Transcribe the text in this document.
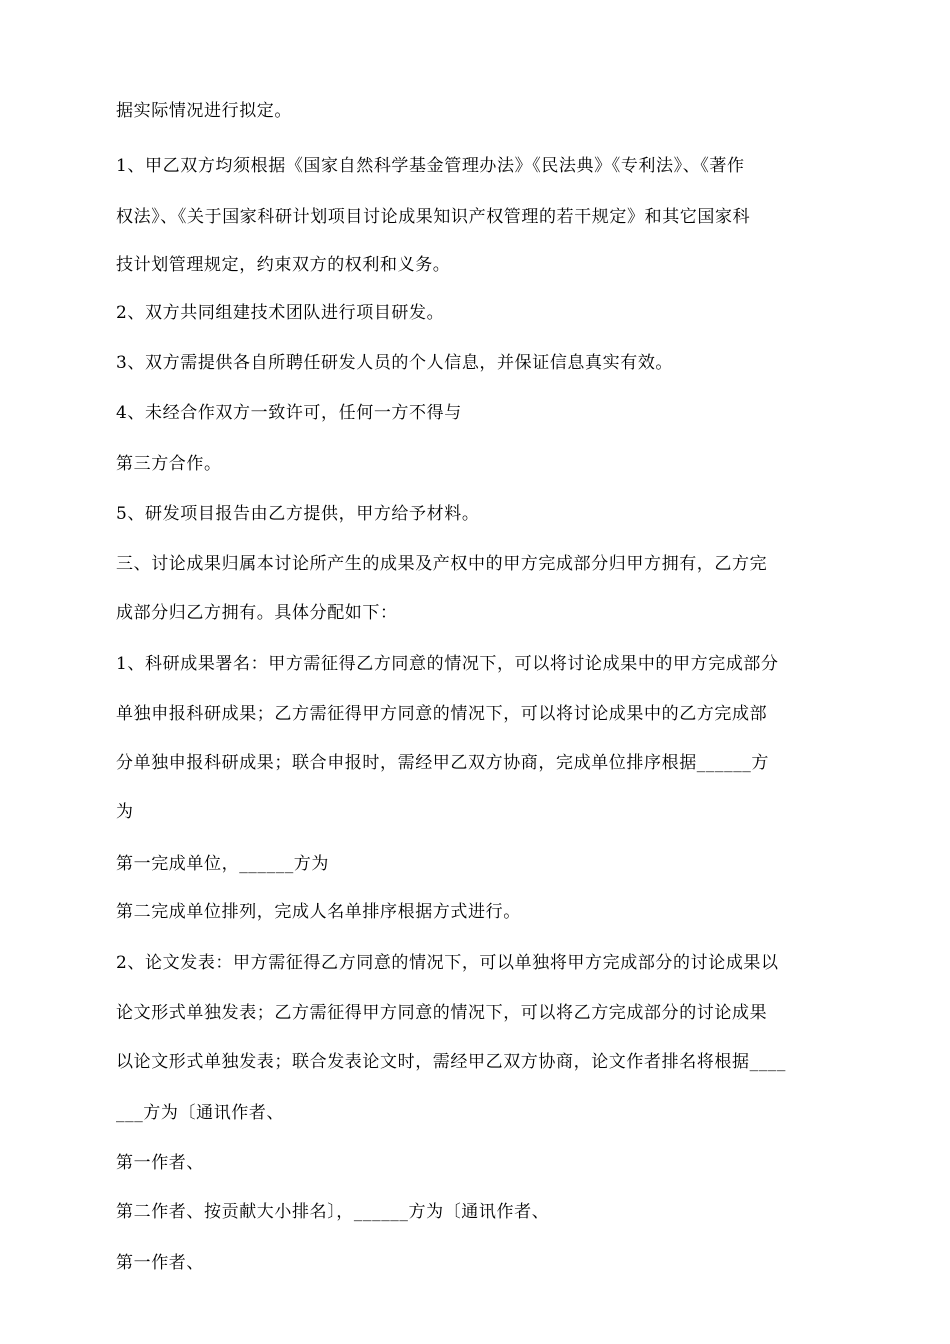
据实际情况进行拟定。
1、甲乙双方均须根据《国家自然科学基金管理办法》《民法典》《专利法》、《著作
权法》、《关于国家科研计划项目讨论成果知识产权管理的若干规定》和其它国家科
技计划管理规定，约束双方的权利和义务。
2、双方共同组建技术团队进行项目研发。
3、双方需提供各自所聘任研发人员的个人信息，并保证信息真实有效。
4、未经合作双方一致许可，任何一方不得与
第三方合作。
5、研发项目报告由乙方提供，甲方给予材料。
三、讨论成果归属本讨论所产生的成果及产权中的甲方完成部分归甲方拥有，乙方完
成部分归乙方拥有。具体分配如下：
1、科研成果署名：甲方需征得乙方同意的情况下，可以将讨论成果中的甲方完成部分
单独申报科研成果；乙方需征得甲方同意的情况下，可以将讨论成果中的乙方完成部
分单独申报科研成果；联合申报时，需经甲乙双方协商，完成单位排序根据______方
为
第一完成单位，______方为
第二完成单位排列，完成人名单排序根据方式进行。
2、论文发表：甲方需征得乙方同意的情况下，可以单独将甲方完成部分的讨论成果以
论文形式单独发表；乙方需征得甲方同意的情况下，可以将乙方完成部分的讨论成果
以论文形式单独发表；联合发表论文时，需经甲乙双方协商，论文作者排名将根据____
___方为〔通讯作者、
第一作者、
第二作者、按贡献大小排名〕，______方为〔通讯作者、
第一作者、
